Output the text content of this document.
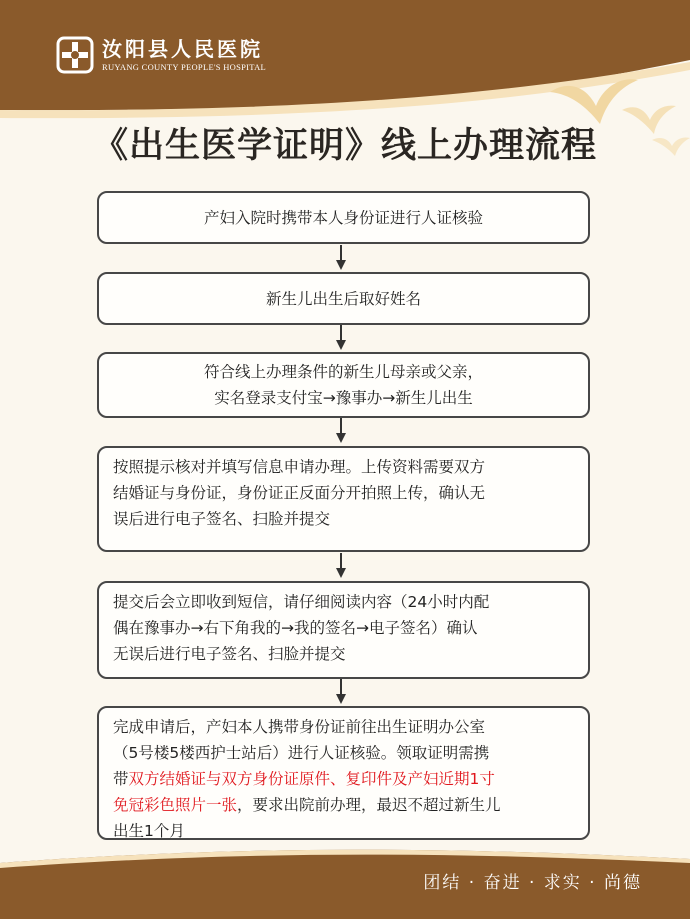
汝阳县人民医院
RUYANG COUNTY PEOPLE'S HOSPITAL
《出生医学证明》线上办理流程
产妇入院时携带本人身份证进行人证核验
新生儿出生后取好姓名
符合线上办理条件的新生儿母亲或父亲，
实名登录支付宝→豫事办→新生儿出生
按照提示核对并填写信息申请办理。上传资料需要双方
结婚证与身份证，身份证正反面分开拍照上传，确认无
误后进行电子签名、扫脸并提交
提交后会立即收到短信，请仔细阅读内容（24小时内配
偶在豫事办→右下角我的→我的签名→电子签名）确认
无误后进行电子签名、扫脸并提交
完成申请后，产妇本人携带身份证前往出生证明办公室
（5号楼5楼西护士站后）进行人证核验。领取证明需携
带双方结婚证与双方身份证原件、复印件及产妇近期1寸
免冠彩色照片一张，要求出院前办理，最迟不超过新生儿
出生1个月
团结 · 奋进 · 求实 · 尚德
